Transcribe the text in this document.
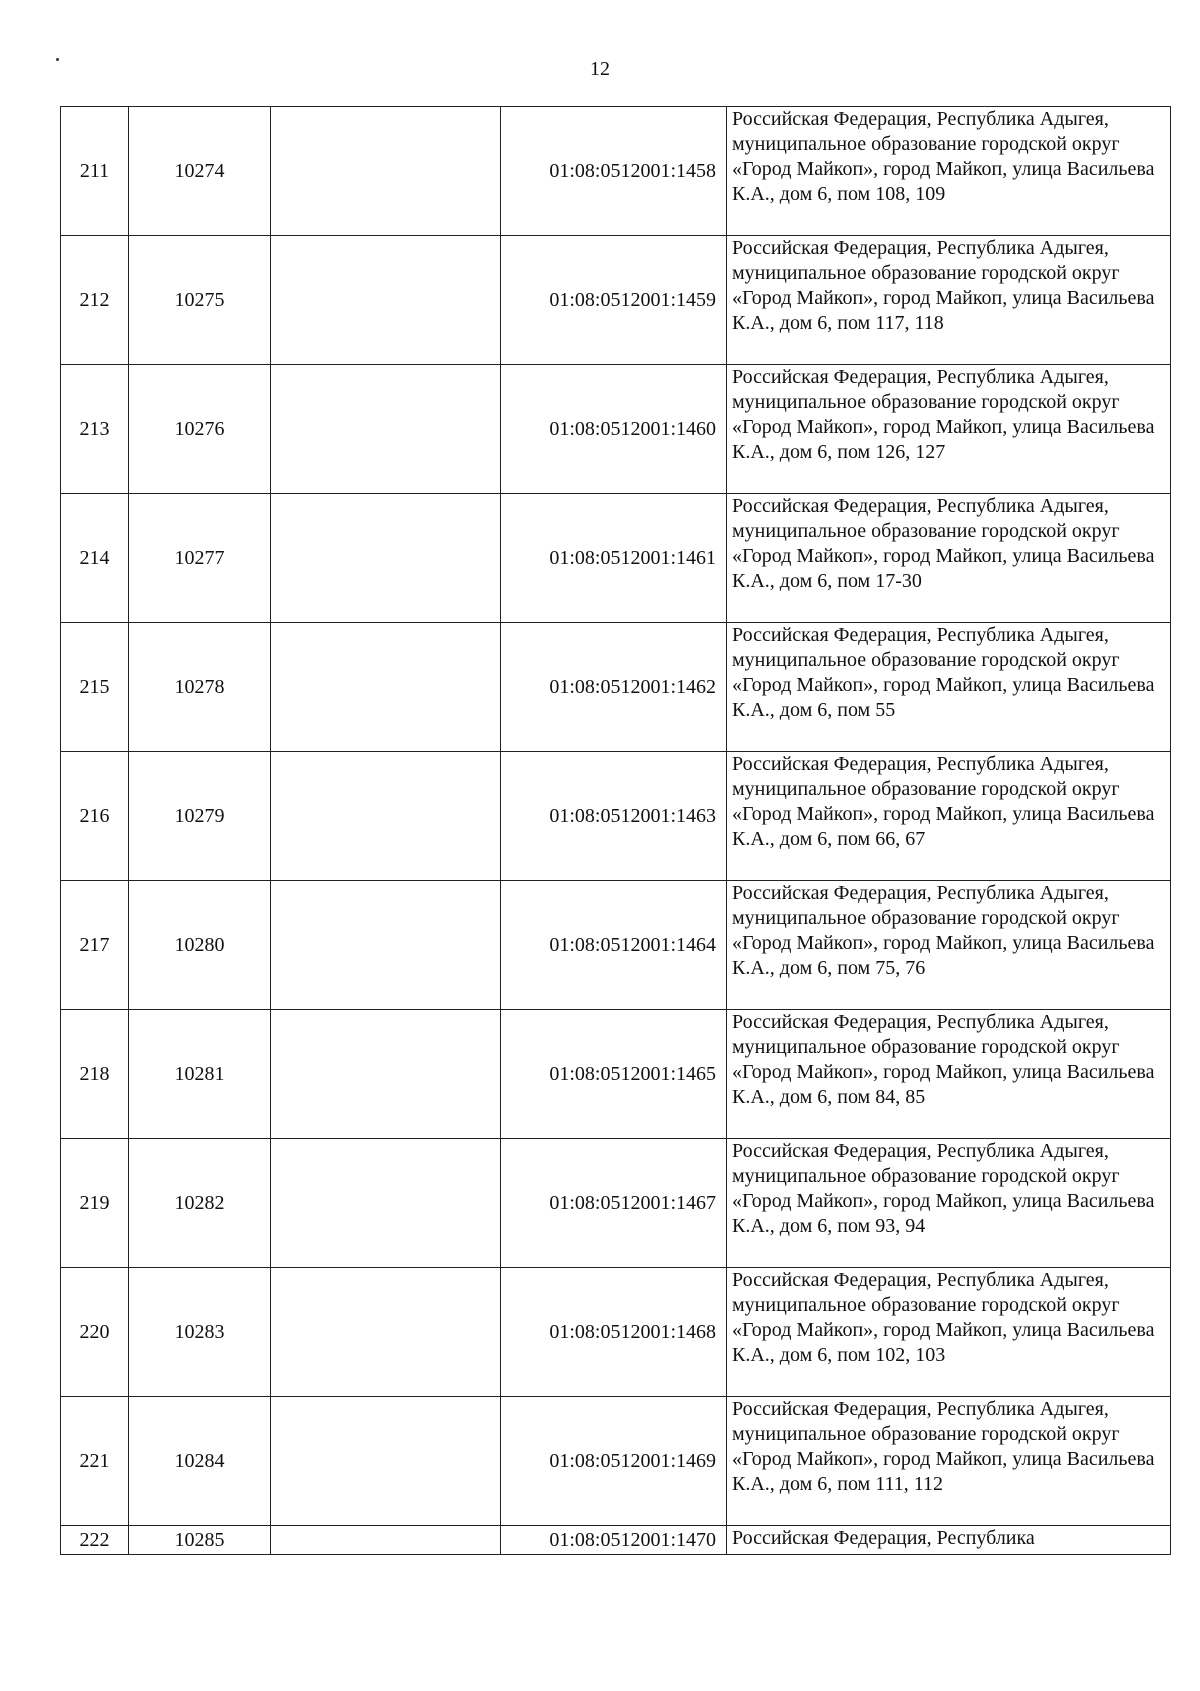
12
211	10274		01:08:0512001:1458	Российская Федерация, Республика Адыгея, муниципальное образование городской округ «Город Майкоп», город Майкоп, улица Васильева К.А., дом 6, пом 108, 109
212	10275		01:08:0512001:1459	Российская Федерация, Республика Адыгея, муниципальное образование городской округ «Город Майкоп», город Майкоп, улица Васильева К.А., дом 6, пом 117, 118
213	10276		01:08:0512001:1460	Российская Федерация, Республика Адыгея, муниципальное образование городской округ «Город Майкоп», город Майкоп, улица Васильева К.А., дом 6, пом 126, 127
214	10277		01:08:0512001:1461	Российская Федерация, Республика Адыгея, муниципальное образование городской округ «Город Майкоп», город Майкоп, улица Васильева К.А., дом 6, пом 17-30
215	10278		01:08:0512001:1462	Российская Федерация, Республика Адыгея, муниципальное образование городской округ «Город Майкоп», город Майкоп, улица Васильева К.А., дом 6, пом 55
216	10279		01:08:0512001:1463	Российская Федерация, Республика Адыгея, муниципальное образование городской округ «Город Майкоп», город Майкоп, улица Васильева К.А., дом 6, пом 66, 67
217	10280		01:08:0512001:1464	Российская Федерация, Республика Адыгея, муниципальное образование городской округ «Город Майкоп», город Майкоп, улица Васильева К.А., дом 6, пом 75, 76
218	10281		01:08:0512001:1465	Российская Федерация, Республика Адыгея, муниципальное образование городской округ «Город Майкоп», город Майкоп, улица Васильева К.А., дом 6, пом 84, 85
219	10282		01:08:0512001:1467	Российская Федерация, Республика Адыгея, муниципальное образование городской округ «Город Майкоп», город Майкоп, улица Васильева К.А., дом 6, пом 93, 94
220	10283		01:08:0512001:1468	Российская Федерация, Республика Адыгея, муниципальное образование городской округ «Город Майкоп», город Майкоп, улица Васильева К.А., дом 6, пом 102, 103
221	10284		01:08:0512001:1469	Российская Федерация, Республика Адыгея, муниципальное образование городской округ «Город Майкоп», город Майкоп, улица Васильева К.А., дом 6, пом 111, 112
222	10285		01:08:0512001:1470	Российская Федерация, Республика
